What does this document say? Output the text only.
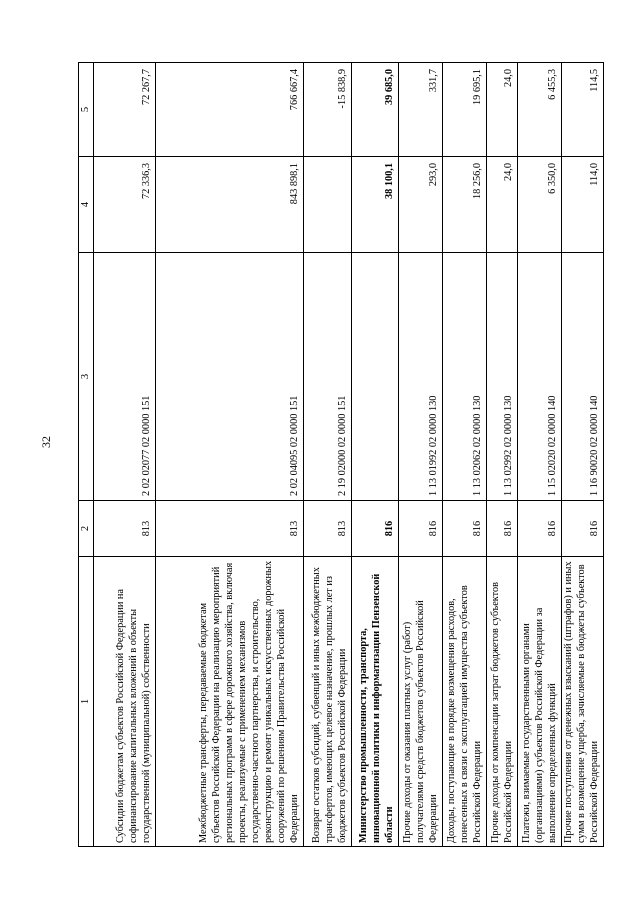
32
1	2	3	4	5
Субсидии бюджетам субъектов Российской Федерации на софинансирование капитальных вложений в объекты государственной (муниципальной) собственности	813	2 02 02077 02 0000 151	72 336,3	72 267,7
Межбюджетные трансферты, передаваемые бюджетам субъектов Российской Федерации на реализацию мероприятий региональных программ в сфере дорожного хозяйства, включая проекты, реализуемые с применением механизмов государственно-частного партнерства, и строительство, реконструкцию и ремонт уникальных искусственных дорожных сооружений по решениям Правительства Российской Федерации	813	2 02 04095 02 0000 151	843 898,1	766 667,4
Возврат остатков субсидий, субвенций и иных межбюджетных трансфертов, имеющих целевое назначение, прошлых лет из бюджетов субъектов Российской Федерации	813	2 19 02000 02 0000 151		-15 838,9
Министерство промышленности, транспорта, инновационной политики и информатизации Пензенской области	816		38 100,1	39 685,0
Прочие доходы от оказания платных услуг (работ) получателями средств бюджетов субъектов Российской Федерации	816	1 13 01992 02 0000 130	293,0	331,7
Доходы, поступающие в порядке возмещения расходов, понесенных в связи с эксплуатацией имущества субъектов Российской Федерации	816	1 13 02062 02 0000 130	18 256,0	19 695,1
Прочие доходы от компенсации затрат бюджетов субъектов Российской Федерации	816	1 13 02992 02 0000 130	24,0	24,0
Платежи, взимаемые государственными органами (организациями) субъектов Российской Федерации за выполнение определенных функций	816	1 15 02020 02 0000 140	6 350,0	6 455,3
Прочие поступления от денежных взысканий (штрафов) и иных сумм в возмещение ущерба, зачисляемые в бюджеты субъектов Российской Федерации	816	1 16 90020 02 0000 140	114,0	114,5
